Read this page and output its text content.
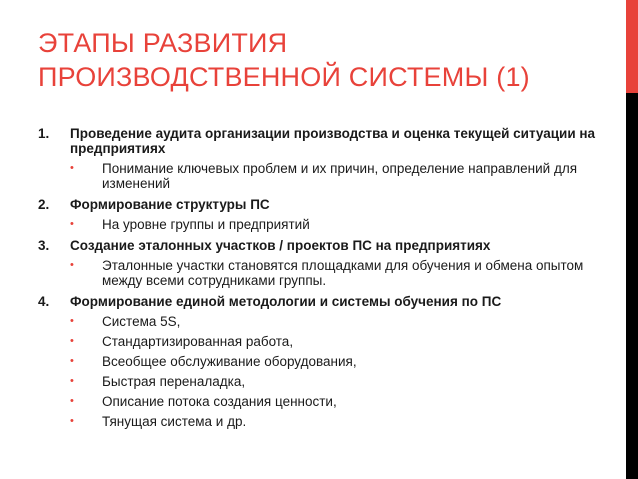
ЭТАПЫ РАЗВИТИЯ
ПРОИЗВОДСТВЕННОЙ СИСТЕМЫ (1)
1.	Проведение аудита организации производства и оценка текущей ситуации на предприятиях
•	Понимание ключевых проблем и их причин, определение направлений для изменений
2.	Формирование структуры ПС
•	На уровне группы и предприятий
3.	Создание эталонных участков / проектов ПС на предприятиях
•	Эталонные участки становятся площадками для обучения и обмена опытом между всеми сотрудниками группы.
4.	Формирование единой методологии и системы обучения по ПС
•	Система 5S,
•	Стандартизированная работа,
•	Всеобщее обслуживание оборудования,
•	Быстрая переналадка,
•	Описание потока создания ценности,
•	Тянущая система и др.
